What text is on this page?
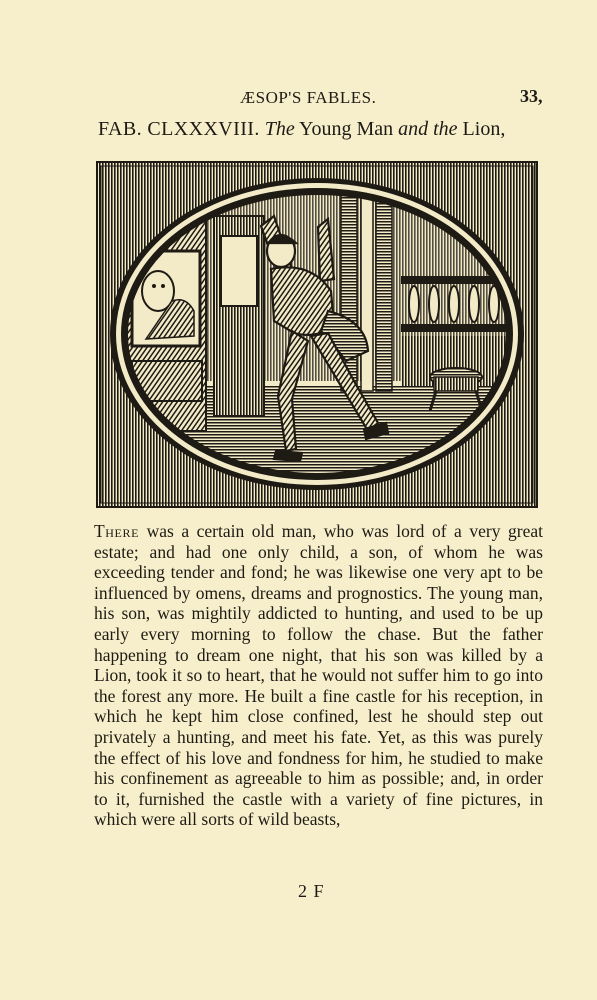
ÆSOP'S FABLES.	33,
FAB. CLXXXVIII. The Young Man and the Lion,

There was a certain old man, who was lord of a very great estate; and had one only child, a son, of whom he was exceeding tender and fond; he was likewise one very apt to be influenced by omens, dreams and prognostics. The young man, his son, was mightily addicted to hunting, and used to be up early every morning to follow the chase. But the father happening to dream one night, that his son was killed by a Lion, took it so to heart, that he would not suffer him to go into the forest any more. He built a fine castle for his reception, in which he kept him close confined, lest he should step out privately a hunting, and meet his fate. Yet, as this was purely the effect of his love and fondness for him, he studied to make his confinement as agreeable to him as possible; and, in order to it, furnished the castle with a variety of fine pictures, in which were all sorts of wild beasts,

2 F
